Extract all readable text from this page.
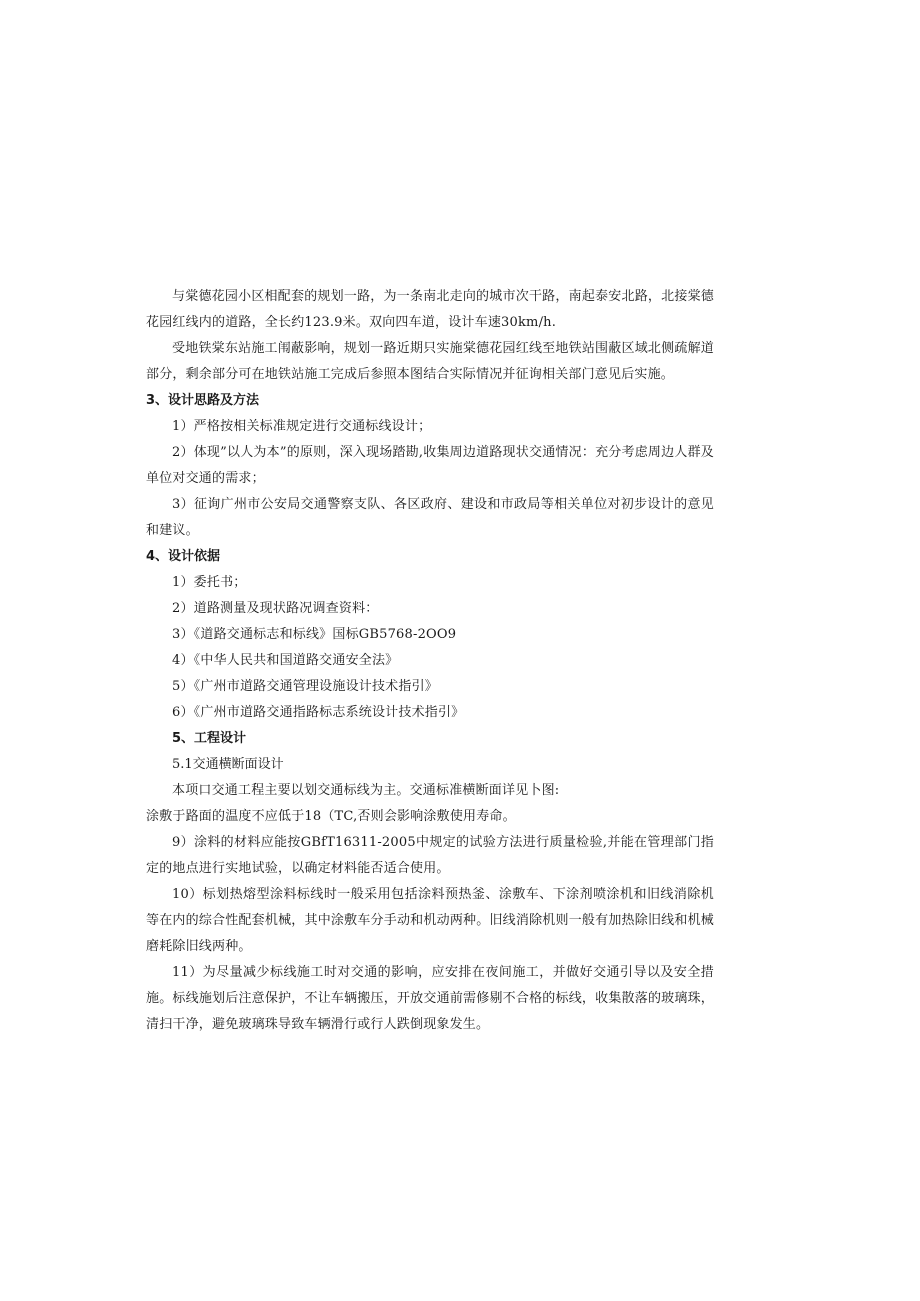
与棠德花园小区相配套的规划一路，为一条南北走向的城市次干路，南起泰安北路，北接棠德花园红线内的道路，全长约123.9米。双向四车道，设计车速30km/h.

受地铁棠东站施工闱蔽影响，规划一路近期只实施棠德花园红线至地铁站围蔽区域北侧疏解道部分，剩余部分可在地铁站施工完成后参照本图结合实际情况并征询相关部门意见后实施。

3、设计思路及方法

1）严格按相关标准规定进行交通标线设计；

2）体现”以人为本”的原则，深入现场踏勘,收集周边道路现状交通情况：充分考虑周边人群及单位对交通的需求；

3）征询广州市公安局交通警察支队、各区政府、建设和市政局等相关单位对初步设计的意见和建议。

4、设计依据

1）委托书；

2）道路测量及现状路况调查资料：

3）《道路交通标志和标线》国标GB5768-2OO9

4）《中华人民共和国道路交通安全法》

5）《广州市道路交通管理设施设计技术指引》

6）《广州市道路交通指路标志系统设计技术指引》

5、工程设计

5.1交通横断面设计

本项口交通工程主要以划交通标线为主。交通标准横断面详见卜图:

涂敷于路面的温度不应低于18（TC,否则会影响涂敷使用寿命。

9）涂料的材料应能按GBfT16311-2005中规定的试验方法进行质量检验,并能在管理部门指定的地点进行实地试验，以确定材料能否适合使用。

10）标划热熔型涂料标线时一般采用包括涂料预热釜、涂敷车、下涂剂喷涂机和旧线消除机等在内的综合性配套机械，其中涂敷车分手动和机动两种。旧线消除机则一般有加热除旧线和机械磨耗除旧线两种。

11）为尽量减少标线施工时对交通的影响，应安排在夜间施工，并做好交通引导以及安全措施。标线施划后注意保护，不让车辆搬压，开放交通前需修剔不合格的标线，收集散落的玻璃珠，清扫干净，避免玻璃珠导致车辆滑行或行人跌倒现象发生。
